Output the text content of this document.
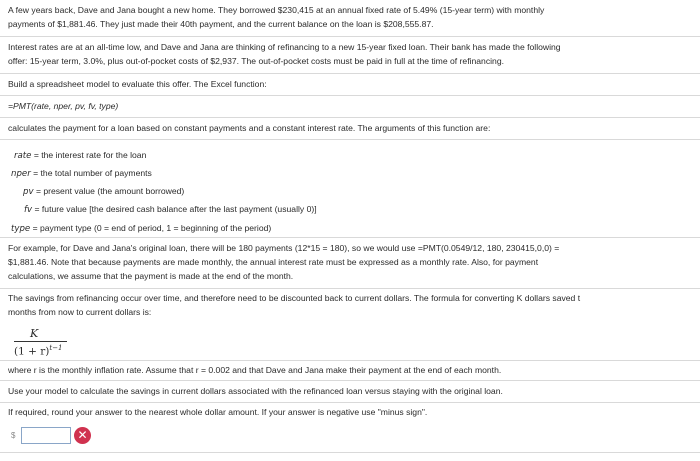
A few years back, Dave and Jana bought a new home. They borrowed $230,415 at an annual fixed rate of 5.49% (15-year term) with monthly
payments of $1,881.46. They just made their 40th payment, and the current balance on the loan is $208,555.87.
Interest rates are at an all-time low, and Dave and Jana are thinking of refinancing to a new 15-year fixed loan. Their bank has made the following
offer: 15-year term, 3.0%, plus out-of-pocket costs of $2,937. The out-of-pocket costs must be paid in full at the time of refinancing.
Build a spreadsheet model to evaluate this offer. The Excel function:
=PMT(rate, nper, pv, fv, type)
calculates the payment for a loan based on constant payments and a constant interest rate. The arguments of this function are:
rate = the interest rate for the loan
nper = the total number of payments
pv = present value (the amount borrowed)
fv = future value [the desired cash balance after the last payment (usually 0)]
type = payment type (0 = end of period, 1 = beginning of the period)
For example, for Dave and Jana's original loan, there will be 180 payments (12*15 = 180), so we would use =PMT(0.0549/12, 180, 230415,0,0) =
$1,881.46. Note that because payments are made monthly, the annual interest rate must be expressed as a monthly rate. Also, for payment
calculations, we assume that the payment is made at the end of the month.
The savings from refinancing occur over time, and therefore need to be discounted back to current dollars. The formula for converting K dollars saved t
months from now to current dollars is:
K
$(1 + r)^{t-1}$
where r is the monthly inflation rate. Assume that r = 0.002 and that Dave and Jana make their payment at the end of each month.
Use your model to calculate the savings in current dollars associated with the refinanced loan versus staying with the original loan.
If required, round your answer to the nearest whole dollar amount. If your answer is negative use "minus sign".
$	✕
